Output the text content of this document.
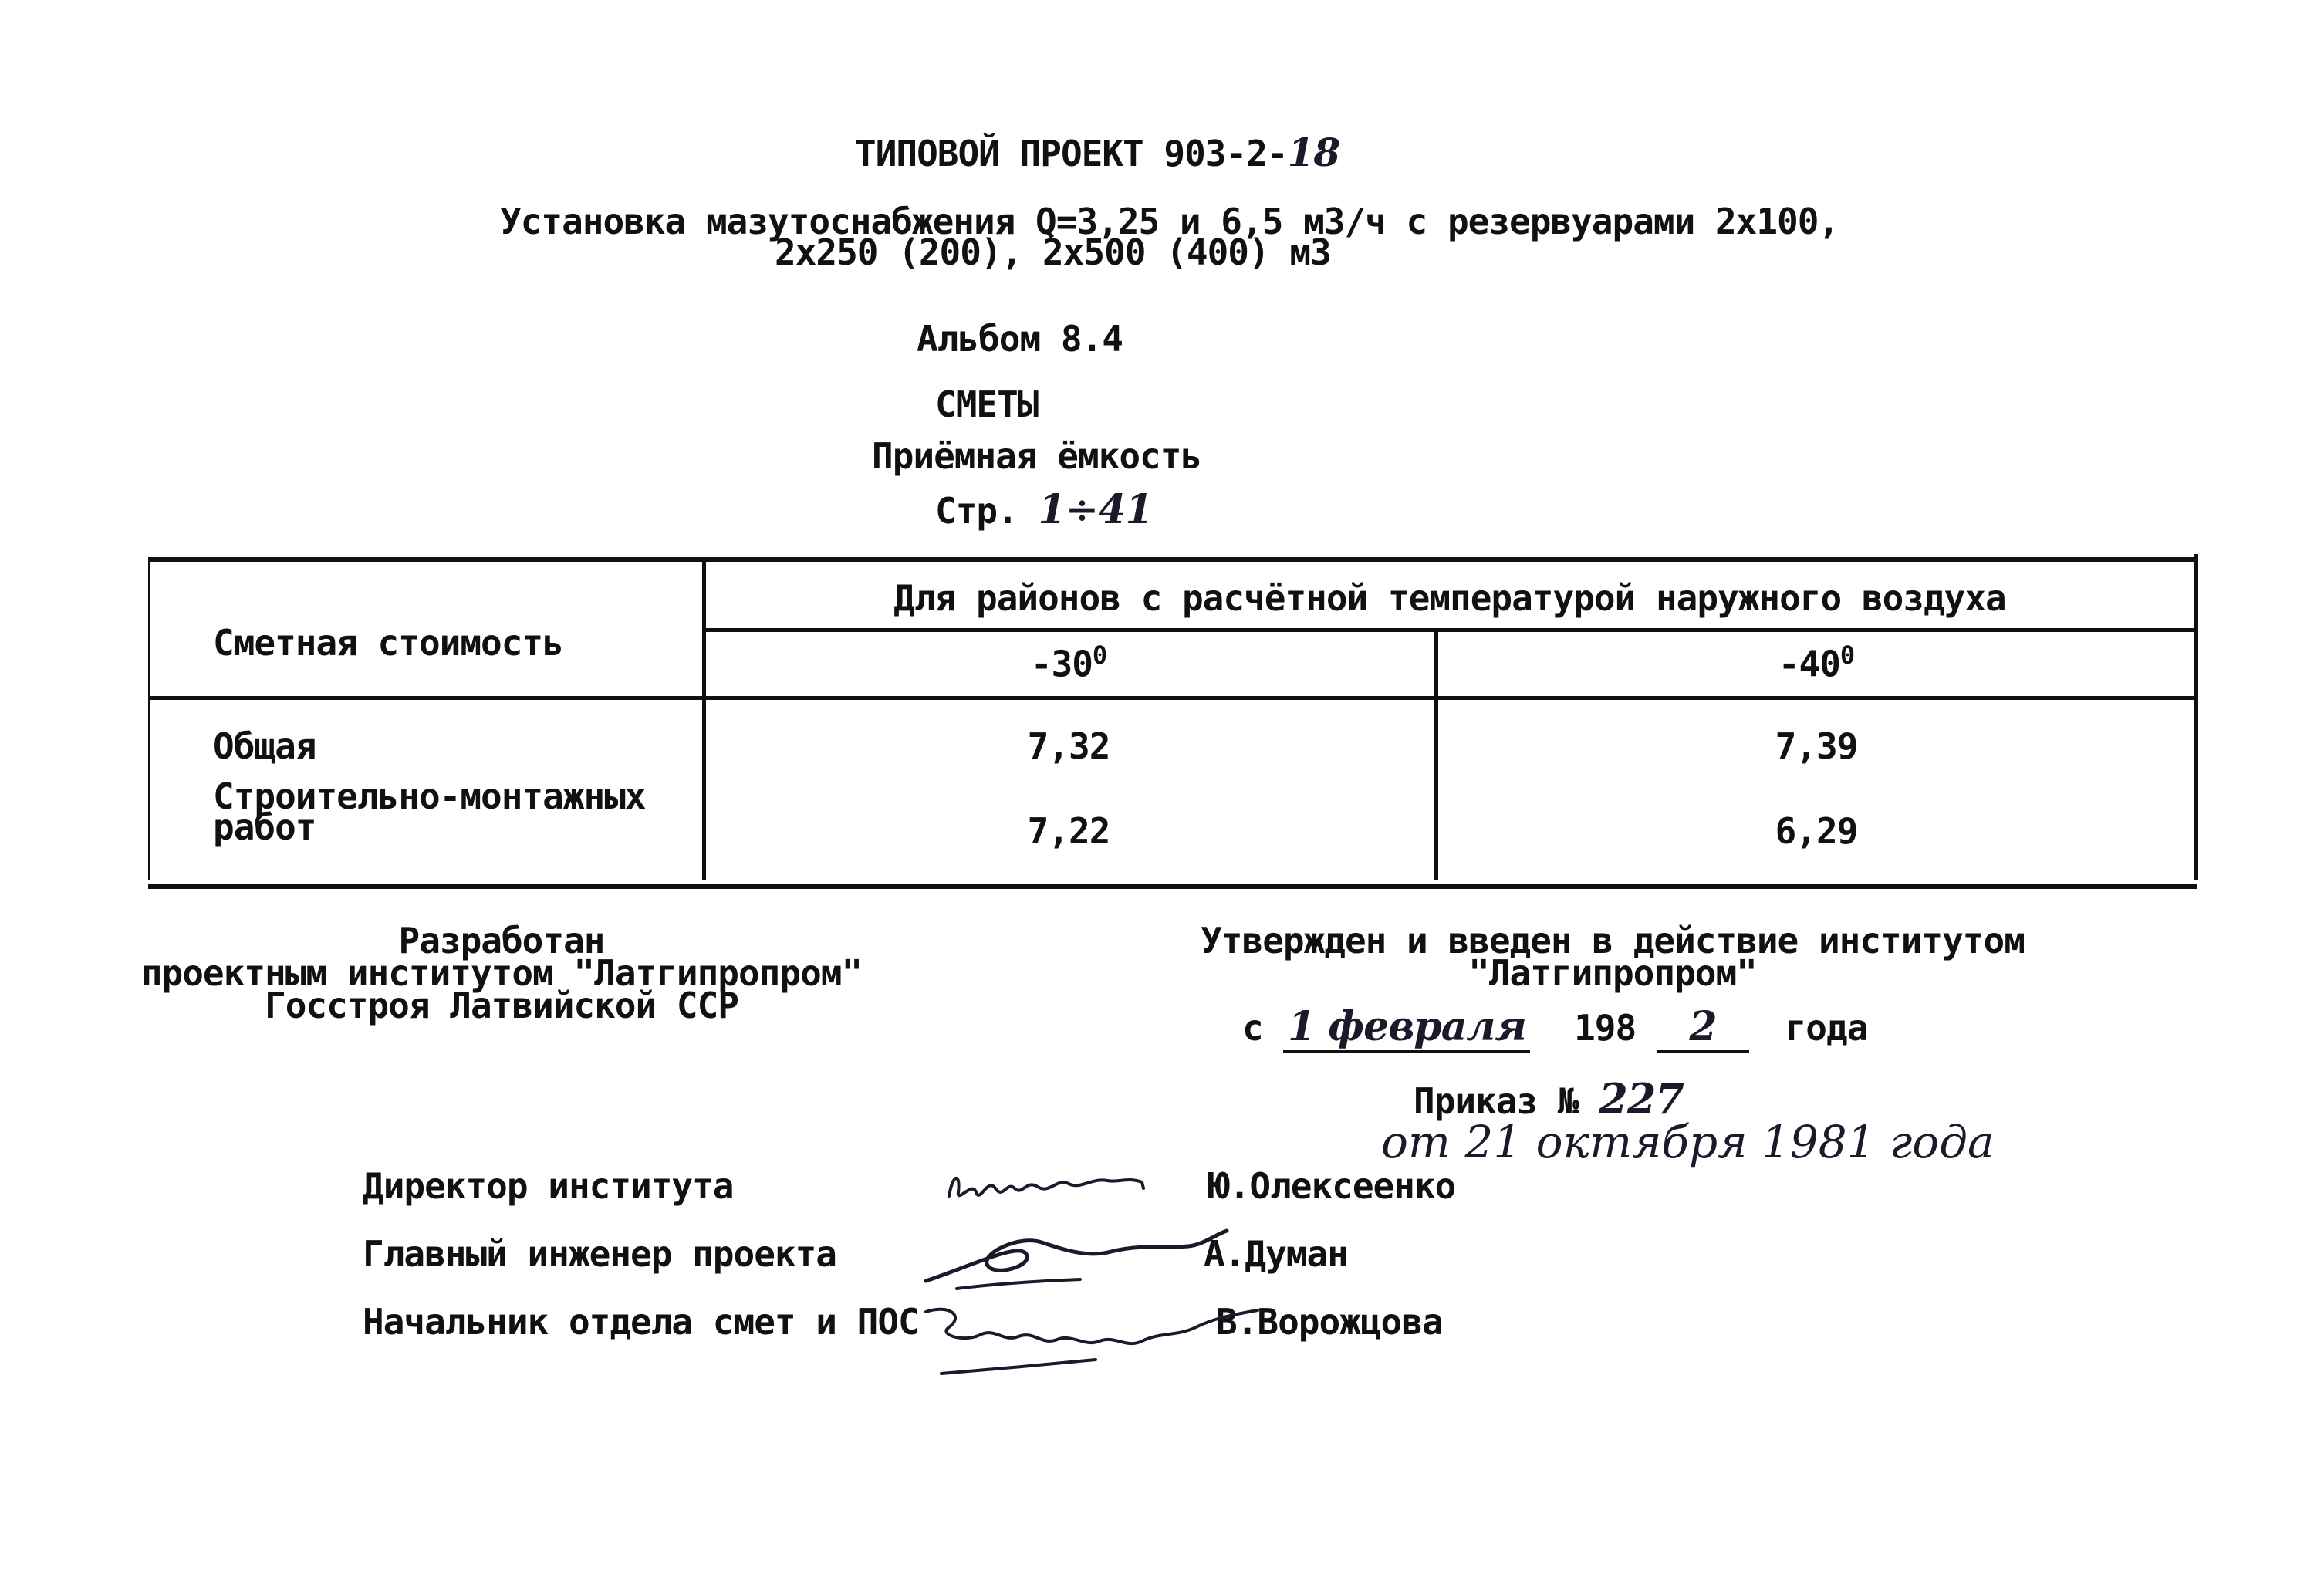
ТИПОВОЙ ПРОЕКТ 903-2-18
Установка мазутоснабжения Q=3,25 и 6,5 м3/ч с резервуарами 2х100,
2х250 (200), 2х500 (400) м3
Альбом 8.4
СМЕТЫ
Приёмная ёмкость
Стр. 1÷41
Сметная стоимость
Для районов с расчётной температурой наружного воздуха
$-30^0$	$-40^0$
Общая	7,32	7,39
Строительно-монтажных
работ	7,22	6,29
Разработан
проектным институтом "Латгипропром"
Госстроя Латвийской ССР
Утвержден и введен в действие институтом
"Латгипропром"
с 1 февраля 198 2 года
Приказ № 227
от 21 октября 1981 года
Директор института	Ю.Олексеенко
Главный инженер проекта	А.Думан
Начальник отдела смет и ПОС	В.Ворожцова
